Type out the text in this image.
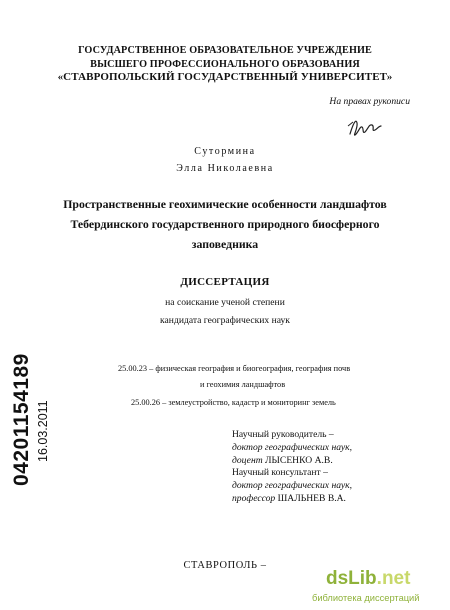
ГОСУДАРСТВЕННОЕ ОБРАЗОВАТЕЛЬНОЕ УЧРЕЖДЕНИЕ
ВЫСШЕГО ПРОФЕССИОНАЛЬНОГО ОБРАЗОВАНИЯ
«СТАВРОПОЛЬСКИЙ ГОСУДАРСТВЕННЫЙ УНИВЕРСИТЕТ»
На правах рукописи
Сутормина
Элла Николаевна
Пространственные геохимические особенности ландшафтов
Тебердинского государственного природного биосферного
заповедника
ДИССЕРТАЦИЯ
на соискание ученой степени
кандидата географических наук
25.00.23 – физическая география и биогеография, география почв
и геохимия ландшафтов
25.00.26 – землеустройство, кадастр и мониторинг земель
Научный руководитель –
доктор географических наук,
доцент ЛЫСЕНКО А.В.
Научный консультант –
доктор географических наук,
профессор ШАЛЬНЕВ В.А.
СТАВРОПОЛЬ –
04201154189 16.03.2011
dsLib.net
библиотека диссертаций
